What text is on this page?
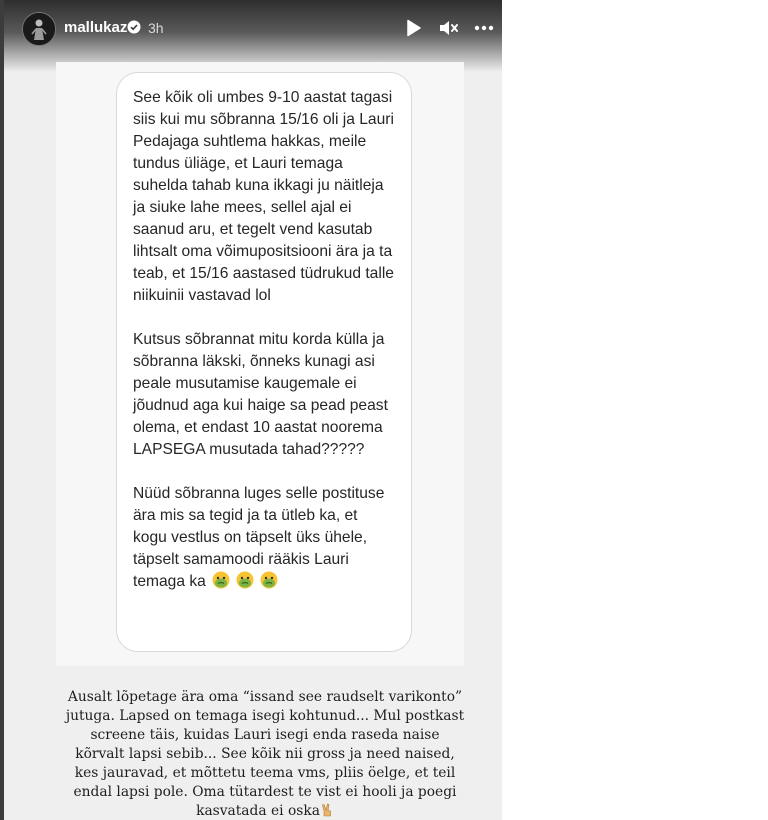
mallukaz 3h

See kõik oli umbes 9-10 aastat tagasi siis kui mu sõbranna 15/16 oli ja Lauri Pedajaga suhtlema hakkas, meile tundus üliäge, et Lauri temaga suhelda tahab kuna ikkagi ju näitleja ja siuke lahe mees, sellel ajal ei saanud aru, et tegelt vend kasutab lihtsalt oma võimupositsiooni ära ja ta teab, et 15/16 aastased tüdrukud talle niikuinii vastavad lol

Kutsus sõbrannat mitu korda külla ja sõbranna läkski, õnneks kunagi asi peale musutamise kaugemale ei jõudnud aga kui haige sa pead peast olema, et endast 10 aastat noorema LAPSEGA musutada tahad?????

Nüüd sõbranna luges selle postituse ära mis sa tegid ja ta ütleb ka, et kogu vestlus on täpselt üks ühele, täpselt samamoodi rääkis Lauri temaga ka

Ausalt lõpetage ära oma “issand see raudselt varikonto” jutuga. Lapsed on temaga isegi kohtunud... Mul postkast screene täis, kuidas Lauri isegi enda raseda naise kõrvalt lapsi sebib... See kõik nii gross ja need naised, kes jauravad, et mõttetu teema vms, pliis öelge, et teil endal lapsi pole. Oma tütardest te vist ei hooli ja poegi kasvatada ei oska
